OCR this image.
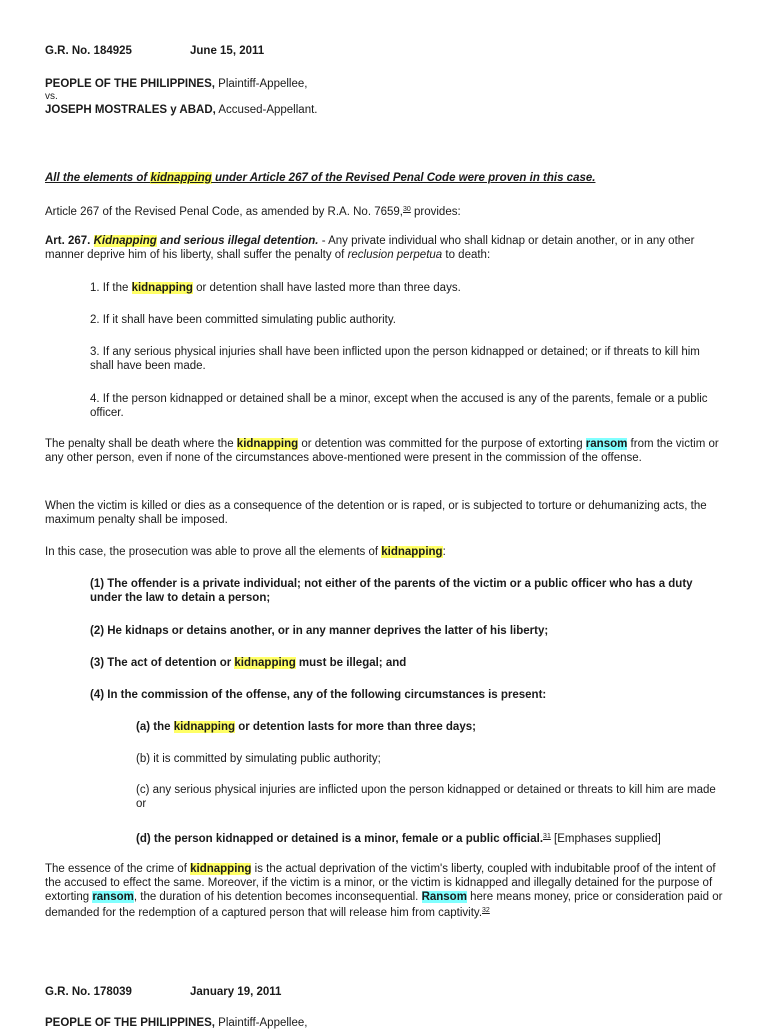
G.R. No. 184925	June 15, 2011
PEOPLE OF THE PHILIPPINES, Plaintiff-Appellee,
vs.
JOSEPH MOSTRALES y ABAD, Accused-Appellant.
All the elements of kidnapping under Article 267 of the Revised Penal Code were proven in this case.
Article 267 of the Revised Penal Code, as amended by R.A. No. 7659,30 provides:
Art. 267. Kidnapping and serious illegal detention. - Any private individual who shall kidnap or detain another, or in any other manner deprive him of his liberty, shall suffer the penalty of reclusion perpetua to death:
1. If the kidnapping or detention shall have lasted more than three days.
2. If it shall have been committed simulating public authority.
3. If any serious physical injuries shall have been inflicted upon the person kidnapped or detained; or if threats to kill him shall have been made.
4. If the person kidnapped or detained shall be a minor, except when the accused is any of the parents, female or a public officer.
The penalty shall be death where the kidnapping or detention was committed for the purpose of extorting ransom from the victim or any other person, even if none of the circumstances above-mentioned were present in the commission of the offense.
When the victim is killed or dies as a consequence of the detention or is raped, or is subjected to torture or dehumanizing acts, the maximum penalty shall be imposed.
In this case, the prosecution was able to prove all the elements of kidnapping:
(1) The offender is a private individual; not either of the parents of the victim or a public officer who has a duty under the law to detain a person;
(2) He kidnaps or detains another, or in any manner deprives the latter of his liberty;
(3) The act of detention or kidnapping must be illegal; and
(4) In the commission of the offense, any of the following circumstances is present:
(a) the kidnapping or detention lasts for more than three days;
(b) it is committed by simulating public authority;
(c) any serious physical injuries are inflicted upon the person kidnapped or detained or threats to kill him are made or
(d) the person kidnapped or detained is a minor, female or a public official.$^{31}$ [Emphases supplied]
The essence of the crime of kidnapping is the actual deprivation of the victim's liberty, coupled with indubitable proof of the intent of the accused to effect the same. Moreover, if the victim is a minor, or the victim is kidnapped and illegally detained for the purpose of extorting ransom, the duration of his detention becomes inconsequential. Ransom here means money, price or consideration paid or demanded for the redemption of a captured person that will release him from captivity.$^{32}$
G.R. No. 178039	January 19, 2011
PEOPLE OF THE PHILIPPINES, Plaintiff-Appellee,
